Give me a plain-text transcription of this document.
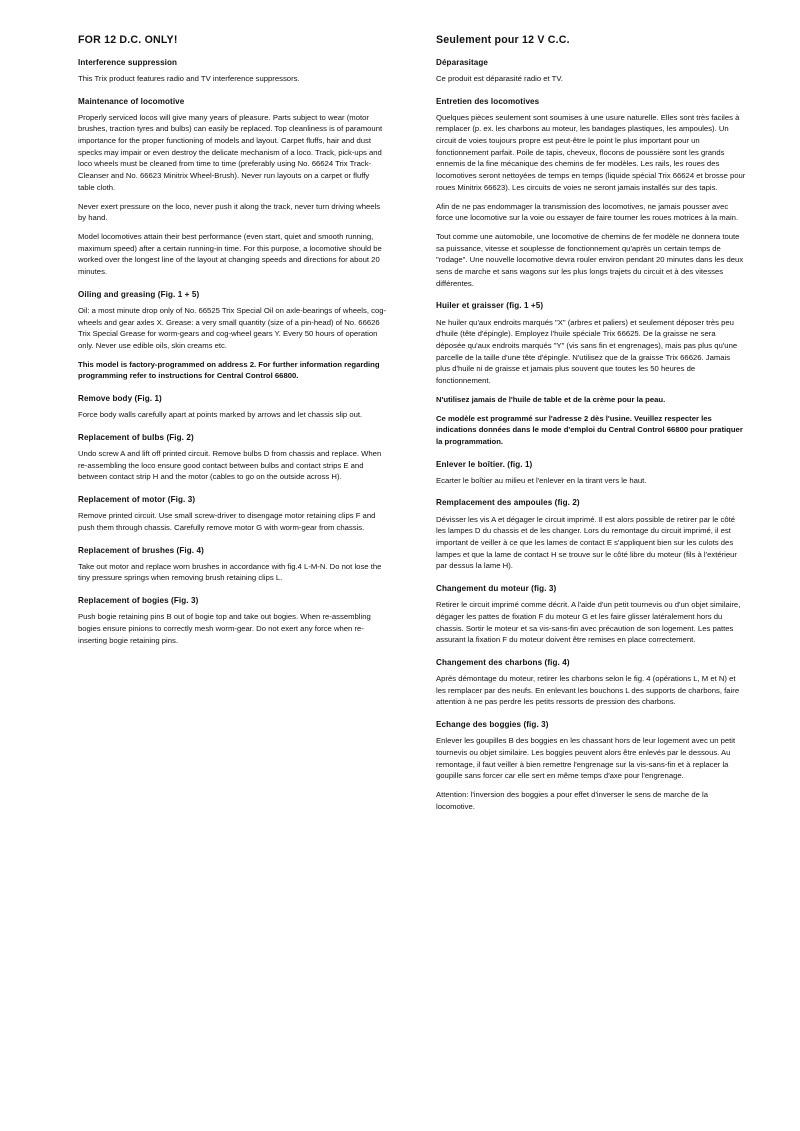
FOR 12 D.C. ONLY!
Interference suppression

This Trix product features radio and TV interference suppressors.

Maintenance of locomotive

Properly serviced locos will give many years of pleasure. Parts subject to wear (motor brushes, traction tyres and bulbs) can easily be replaced. Top cleanliness is of paramount importance for the proper functioning of models and layout. Carpet fluffs, hair and dust specks may impair or even destroy the delicate mechanism of a loco. Track, pick-ups and loco wheels must be cleaned from time to time (preferably using No. 66624 Trix Track-Cleanser and No. 66623 Minitrix Wheel-Brush). Never run layouts on a carpet or fluffy table cloth.

Never exert pressure on the loco, never push it along the track, never turn driving wheels by hand.

Model locomotives attain their best performance (even start, quiet and smooth running, maximum speed) after a certain running-in time. For this purpose, a locomotive should be worked over the longest line of the layout at changing speeds and directions for about 20 minutes.

Oiling and greasing (Fig. 1 + 5)

Oil: a most minute drop only of No. 66525 Trix Special Oil on axle-bearings of wheels, cog-wheels and gear axles X. Grease: a very small quantity (size of a pin-head) of No. 66626 Trix Special Grease for worm-gears and cog-wheel gears Y. Every 50 hours of operation only. Never use edible oils, skin creams etc.

This model is factory-programmed on address 2. For further information regarding programming refer to instructions for Central Control 66800.

Remove body (Fig. 1)

Force body walls carefully apart at points marked by arrows and let chassis slip out.

Replacement of bulbs (Fig. 2)

Undo screw A and lift off printed circuit. Remove bulbs D from chassis and replace. When re-assembling the loco ensure good contact between bulbs and contact strips E and between contact strip H and the motor (cables to go on the outside across H).

Replacement of motor (Fig. 3)

Remove printed circuit. Use small screw-driver to disengage motor retaining clips F and push them through chassis. Carefully remove motor G with worm-gear from chassis.

Replacement of brushes (Fig. 4)

Take out motor and replace worn brushes in accordance with fig.4 L-M-N. Do not lose the tiny pressure springs when removing brush retaining clips L.

Replacement of bogies (Fig. 3)

Push bogie retaining pins B out of bogie top and take out bogies. When re-assembling bogies ensure pinions to correctly mesh worm-gear. Do not exert any force when re-inserting bogie retaining pins.

Seulement pour 12 V C.C.
Déparasitage

Ce produit est déparasité radio et TV.

Entretien des locomotives

Quelques pièces seulement sont soumises à une usure naturelle. Elles sont très faciles à remplacer (p. ex. les charbons au moteur, les bandages plastiques, les ampoules). Un circuit de voies toujours propre est peut-être le point le plus important pour un fonctionnement parfait. Poile de tapis, cheveux, flocons de poussière sont les grands ennemis de la fine mécanique des chemins de fer modèles. Les rails, les roues des locomotives seront nettoyées de temps en temps (liquide spécial Trix 66624 et brosse pour roues Minitrix 66623). Les circuits de voies ne seront jamais installés sur des tapis.

Afin de ne pas endommager la transmission des locomotives, ne jamais pousser avec force une locomotive sur la voie ou essayer de faire tourner les roues motrices à la main.

Tout comme une automobile, une locomotive de chemins de fer modèle ne donnera toute sa puissance, vitesse et souplesse de fonctionnement qu'après un certain temps de "rodage". Une nouvelle locomotive devra rouler environ pendant 20 minutes dans les deux sens de marche et sans wagons sur les plus longs trajets du circuit et à des vitesses différentes.

Huiler et graisser (fig. 1 +5)

Ne huiler qu'aux endroits marqués "X" (arbres et paliers) et seulement déposer très peu d'huile (tête d'épingle). Employez l'huile spéciale Trix 66625. De la graisse ne sera déposée qu'aux endroits marqués "Y" (vis sans fin et engrenages), mais pas plus qu'une parcelle de la taille d'une tête d'épingle. N'utilisez que de la graisse Trix 66626. Jamais plus d'huile ni de graisse et jamais plus souvent que toutes les 50 heures de fonctionnement.

N'utilisez jamais de l'huile de table et de la crème pour la peau.

Ce modèle est programmé sur l'adresse 2 dès l'usine. Veuillez respecter les indications données dans le mode d'emploi du Central Control 66800 pour pratiquer la programmation.

Enlever le boîtier. (fig. 1)

Ecarter le boîtier au milieu et l'enlever en la tirant vers le haut.

Remplacement des ampoules (fig. 2)

Dévisser les vis A et dégager le circuit imprimé. Il est alors possible de retirer par le côté les lampes D du chassis et de les changer. Lors du remontage du circuit imprimé, il est important de veiller à ce que les lames de contact E s'appliquent bien sur les culots des lampes et que la lame de contact H se trouve sur le côté libre du moteur (fils à l'extérieur par dessus la lame H).

Changement du moteur (fig. 3)

Retirer le circuit imprimé comme décrit. A l'aide d'un petit tournevis ou d'un objet similaire, dégager les pattes de fixation F du moteur G et les faire glisser latéralement hors du chassis. Sortir le moteur et sa vis-sans-fin avec précaution de son logement. Les pattes assurant la fixation F du moteur doivent être remises en place correctement.

Changement des charbons (fig. 4)

Après démontage du moteur, retirer les charbons selon le fig. 4 (opérations L, M et N) et les remplacer par des neufs. En enlevant les bouchons L des supports de charbons, faire attention à ne pas perdre les petits ressorts de pression des charbons.

Echange des boggies (fig. 3)

Enlever les goupilles B des boggies en les chassant hors de leur logement avec un petit tournevis ou objet similaire. Les boggies peuvent alors être enlevés par le dessous. Au remontage, il faut veiller à bien remettre l'engrenage sur la vis-sans-fin et à replacer la goupille sans forcer car elle sert en même temps d'axe pour l'engrenage.

Attention: l'inversion des boggies a pour effet d'inverser le sens de marche de la locomotive.
